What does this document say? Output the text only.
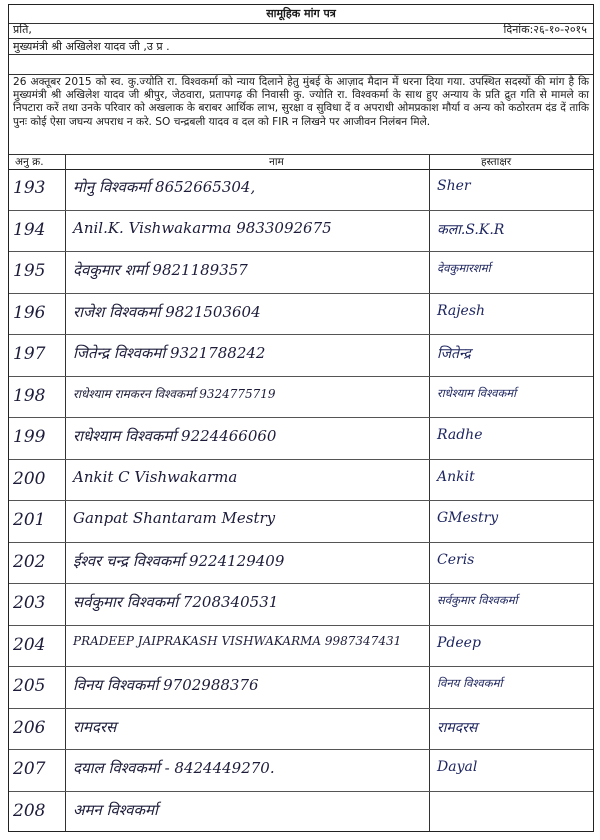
सामूहिक मांग पत्र
प्रति,	दिनांक:२६-१०-२०१५
मुख्यमंत्री श्री अखिलेश यादव जी ,उ प्र .
26 अक्तूबर 2015 को स्व. कु.ज्योति रा. विश्वकर्मा को न्याय दिलाने हेतु मुंबई के आज़ाद मैदान में धरना दिया गया. उपस्थित सदस्यों की मांग है कि मुख्यमंत्री श्री अखिलेश यादव जी श्रीपुर, जेठवारा, प्रतापगढ़ की निवासी कु. ज्योति रा. विश्वकर्मा के साथ हुए अन्याय के प्रति द्रुत गति से मामले का निपटारा करें तथा उनके परिवार को अखलाक के बराबर आर्थिक लाभ, सुरक्षा व सुविधा दें व अपराधी ओमप्रकाश मौर्या व अन्य को कठोरतम दंड दें ताकि पुनः कोई ऐसा जघन्य अपराध न करे. SO चन्द्रबली यादव व दल को FIR न लिखने पर आजीवन निलंबन मिले.
अनु क्र.	नाम	हस्ताक्षर
193 मोनु विश्वकर्मा 8652665304,	Sher
194 Anil.K. Vishwakarma 9833092675	कला.S.K.R
195 देवकुमार शर्मा 9821189357	देवकुमारशर्मा
196 राजेश विश्वकर्मा 9821503604	Rajesh
197 जितेन्द्र विश्वकर्मा 9321788242	जितेन्द्र
198 राधेश्याम रामकरन विश्वकर्मा 9324775719	राधेश्याम विश्वकर्मा
199 राधेश्याम विश्वकर्मा 9224466060	Radhe
200 Ankit C Vishwakarma	Ankit
201 Ganpat Shantaram Mestry	GMestry
202 ईश्वर चन्द्र विश्वकर्मा 9224129409	Ceris
203 सर्वकुमार विश्वकर्मा 7208340531	सर्वकुमार विश्वकर्मा
204 PRADEEP JAIPRAKASH VISHWAKARMA 9987347431	Pdeep
205 विनय विश्वकर्मा 9702988376	विनय विश्वकर्मा
206 रामदरस	रामदरस
207 दयाल विश्वकर्मा - 8424449270.	Dayal
208 अमन विश्वकर्मा
